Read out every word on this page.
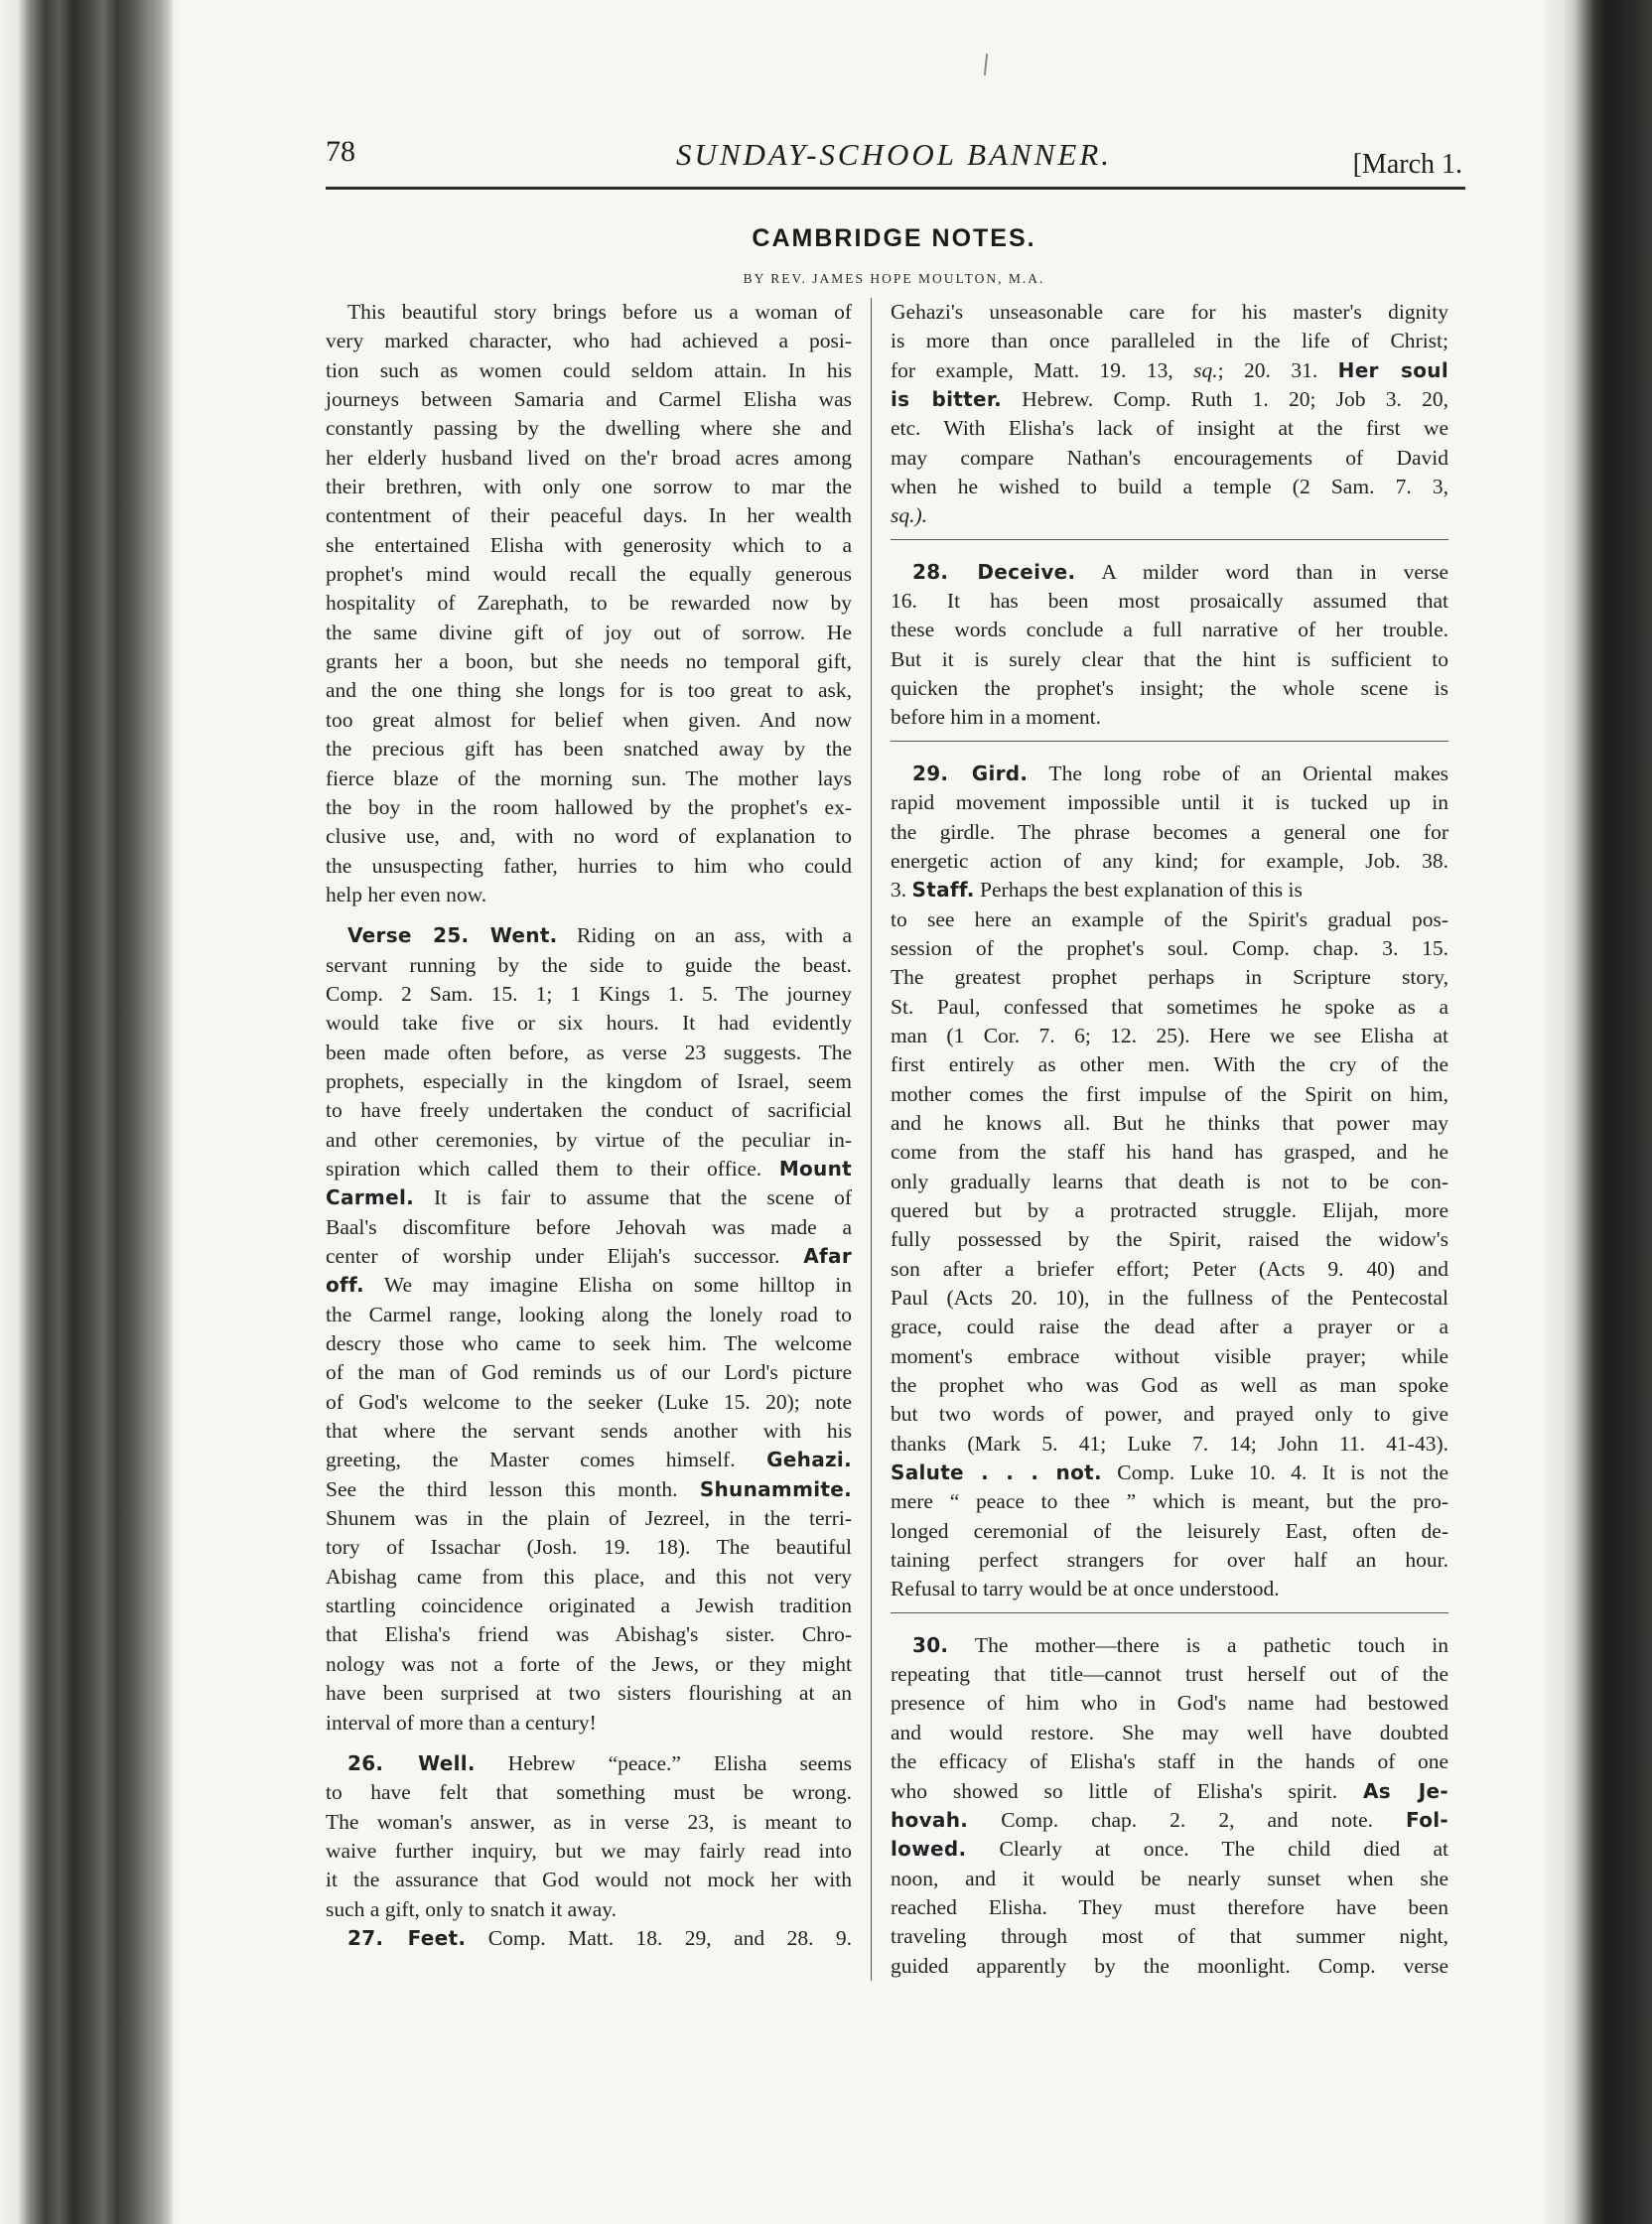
78	SUNDAY-SCHOOL BANNER.	[March 1.
CAMBRIDGE NOTES.
BY REV. JAMES HOPE MOULTON, M.A.
This beautiful story brings before us a woman of
very marked character, who had achieved a posi-
tion such as women could seldom attain. In his
journeys between Samaria and Carmel Elisha was
constantly passing by the dwelling where she and
her elderly husband lived on the'r broad acres among
their brethren, with only one sorrow to mar the
contentment of their peaceful days. In her wealth
she entertained Elisha with generosity which to a
prophet's mind would recall the equally generous
hospitality of Zarephath, to be rewarded now by
the same divine gift of joy out of sorrow. He
grants her a boon, but she needs no temporal gift,
and the one thing she longs for is too great to ask,
too great almost for belief when given. And now
the precious gift has been snatched away by the
fierce blaze of the morning sun. The mother lays
the boy in the room hallowed by the prophet's ex-
clusive use, and, with no word of explanation to
the unsuspecting father, hurries to him who could
help her even now.
Verse 25. Went. Riding on an ass, with a
servant running by the side to guide the beast.
Comp. 2 Sam. 15. 1; 1 Kings 1. 5. The journey
would take five or six hours. It had evidently
been made often before, as verse 23 suggests. The
prophets, especially in the kingdom of Israel, seem
to have freely undertaken the conduct of sacrificial
and other ceremonies, by virtue of the peculiar in-
spiration which called them to their office. Mount
Carmel. It is fair to assume that the scene of
Baal's discomfiture before Jehovah was made a
center of worship under Elijah's successor. Afar
off. We may imagine Elisha on some hilltop in
the Carmel range, looking along the lonely road to
descry those who came to seek him. The welcome
of the man of God reminds us of our Lord's picture
of God's welcome to the seeker (Luke 15. 20); note
that where the servant sends another with his
greeting, the Master comes himself. Gehazi.
See the third lesson this month. Shunammite.
Shunem was in the plain of Jezreel, in the terri-
tory of Issachar (Josh. 19. 18). The beautiful
Abishag came from this place, and this not very
startling coincidence originated a Jewish tradition
that Elisha's friend was Abishag's sister. Chro-
nology was not a forte of the Jews, or they might
have been surprised at two sisters flourishing at an
interval of more than a century!
26. Well. Hebrew “peace.” Elisha seems
to have felt that something must be wrong.
The woman's answer, as in verse 23, is meant to
waive further inquiry, but we may fairly read into
it the assurance that God would not mock her with
such a gift, only to snatch it away.
27. Feet. Comp. Matt. 18. 29, and 28. 9.
Gehazi's unseasonable care for his master's dignity
is more than once paralleled in the life of Christ;
for example, Matt. 19. 13, sq.; 20. 31. Her soul
is bitter. Hebrew. Comp. Ruth 1. 20; Job 3. 20,
etc. With Elisha's lack of insight at the first we
may compare Nathan's encouragements of David
when he wished to build a temple (2 Sam. 7. 3,
sq.).
28. Deceive. A milder word than in verse
16. It has been most prosaically assumed that
these words conclude a full narrative of her trouble.
But it is surely clear that the hint is sufficient to
quicken the prophet's insight; the whole scene is
before him in a moment.
29. Gird. The long robe of an Oriental makes
rapid movement impossible until it is tucked up in
the girdle. The phrase becomes a general one for
energetic action of any kind; for example, Job. 38.
3. Staff. Perhaps the best explanation of this is
to see here an example of the Spirit's gradual pos-
session of the prophet's soul. Comp. chap. 3. 15.
The greatest prophet perhaps in Scripture story,
St. Paul, confessed that sometimes he spoke as a
man (1 Cor. 7. 6; 12. 25). Here we see Elisha at
first entirely as other men. With the cry of the
mother comes the first impulse of the Spirit on him,
and he knows all. But he thinks that power may
come from the staff his hand has grasped, and he
only gradually learns that death is not to be con-
quered but by a protracted struggle. Elijah, more
fully possessed by the Spirit, raised the widow's
son after a briefer effort; Peter (Acts 9. 40) and
Paul (Acts 20. 10), in the fullness of the Pentecostal
grace, could raise the dead after a prayer or a
moment's embrace without visible prayer; while
the prophet who was God as well as man spoke
but two words of power, and prayed only to give
thanks (Mark 5. 41; Luke 7. 14; John 11. 41-43).
Salute . . . not. Comp. Luke 10. 4. It is not the
mere “ peace to thee ” which is meant, but the pro-
longed ceremonial of the leisurely East, often de-
taining perfect strangers for over half an hour.
Refusal to tarry would be at once understood.
30. The mother—there is a pathetic touch in
repeating that title—cannot trust herself out of the
presence of him who in God's name had bestowed
and would restore. She may well have doubted
the efficacy of Elisha's staff in the hands of one
who showed so little of Elisha's spirit. As Je-
hovah. Comp. chap. 2. 2, and note. Fol-
lowed. Clearly at once. The child died at
noon, and it would be nearly sunset when she
reached Elisha. They must therefore have been
traveling through most of that summer night,
guided apparently by the moonlight. Comp. verse
